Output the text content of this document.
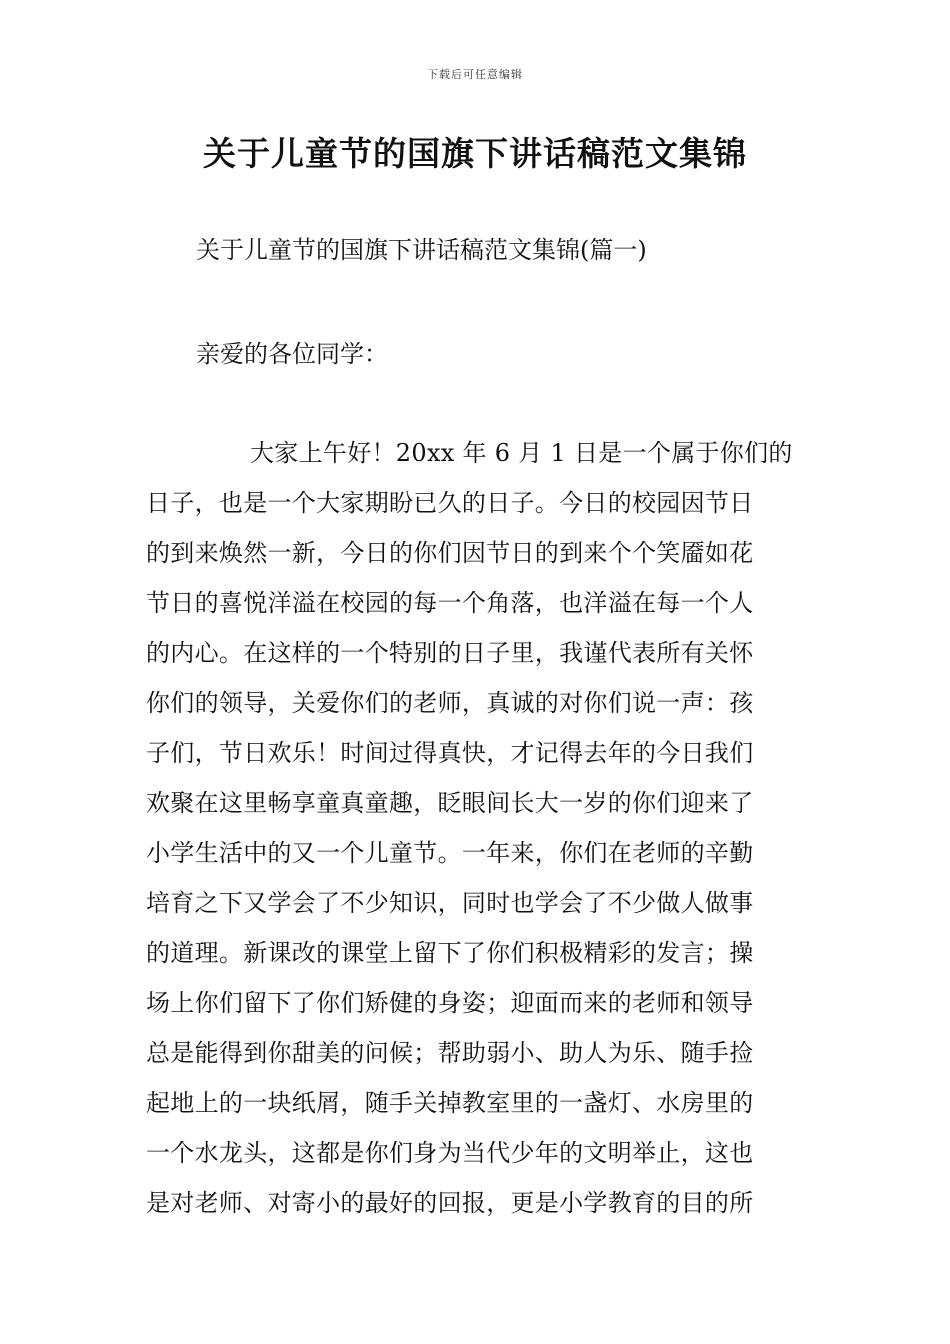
下载后可任意编辑
关于儿童节的国旗下讲话稿范文集锦

关于儿童节的国旗下讲话稿范文集锦(篇一)

亲爱的各位同学：

大家上午好！20xx 年 6 月 1 日是一个属于你们的
日子，也是一个大家期盼已久的日子。今日的校园因节日
的到来焕然一新，今日的你们因节日的到来个个笑靥如花
节日的喜悦洋溢在校园的每一个角落，也洋溢在每一个人
的内心。在这样的一个特别的日子里，我谨代表所有关怀
你们的领导，关爱你们的老师，真诚的对你们说一声：孩
子们，节日欢乐！时间过得真快，才记得去年的今日我们
欢聚在这里畅享童真童趣，眨眼间长大一岁的你们迎来了
小学生活中的又一个儿童节。一年来，你们在老师的辛勤
培育之下又学会了不少知识，同时也学会了不少做人做事
的道理。新课改的课堂上留下了你们积极精彩的发言；操
场上你们留下了你们矫健的身姿；迎面而来的老师和领导
总是能得到你甜美的问候；帮助弱小、助人为乐、随手捡
起地上的一块纸屑，随手关掉教室里的一盏灯、水房里的
一个水龙头，这都是你们身为当代少年的文明举止，这也
是对老师、对寄小的最好的回报，更是小学教育的目的所
